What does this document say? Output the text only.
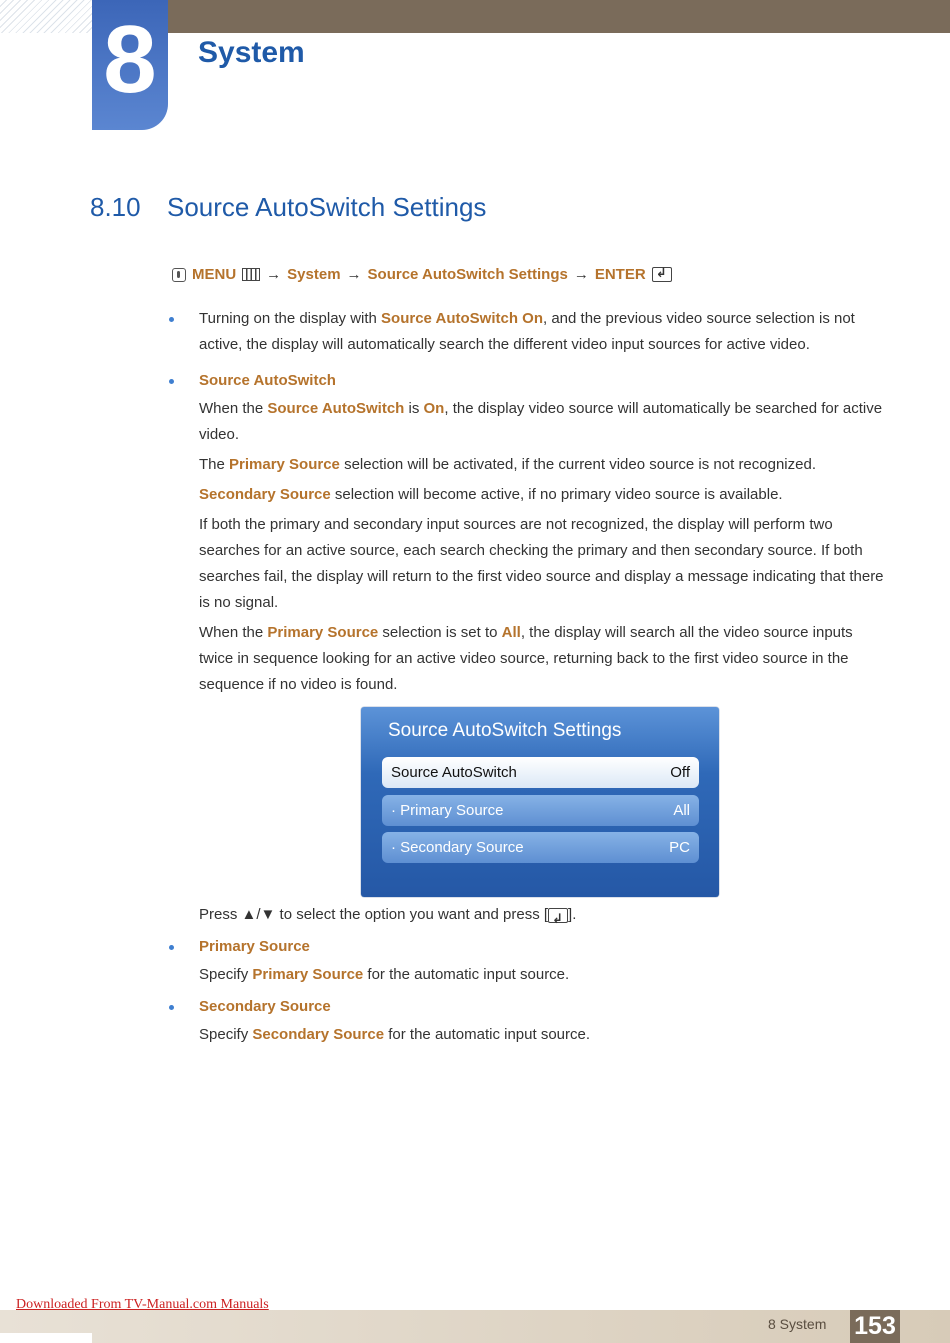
8	System
8.10 Source AutoSwitch Settings
MENU → System → Source AutoSwitch Settings → ENTER
↲

Turning on the display with Source AutoSwitch On, and the previous video source selection is not active, the display will automatically search the different video input sources for active video.

Source AutoSwitch

When the Source AutoSwitch is On, the display video source will automatically be searched for active video.

The Primary Source selection will be activated, if the current video source is not recognized.

Secondary Source selection will become active, if no primary video source is available.

If both the primary and secondary input sources are not recognized, the display will perform two searches for an active source, each search checking the primary and then secondary source. If both searches fail, the display will return to the first video source and display a message indicating that there is no signal.

When the Primary Source selection is set to All, the display will search all the video source inputs twice in sequence looking for an active video source, returning back to the first video source in the sequence if no video is found.

Source AutoSwitch Settings
Source AutoSwitch	Off
· Primary Source	All
· Secondary Source	PC

Press ▲/▼ to select the option you want and press [↲ ].

Primary Source

Specify Primary Source for the automatic input source.

Secondary Source

Specify Secondary Source for the automatic input source.

Downloaded From TV-Manual.com Manuals
8 System 153
